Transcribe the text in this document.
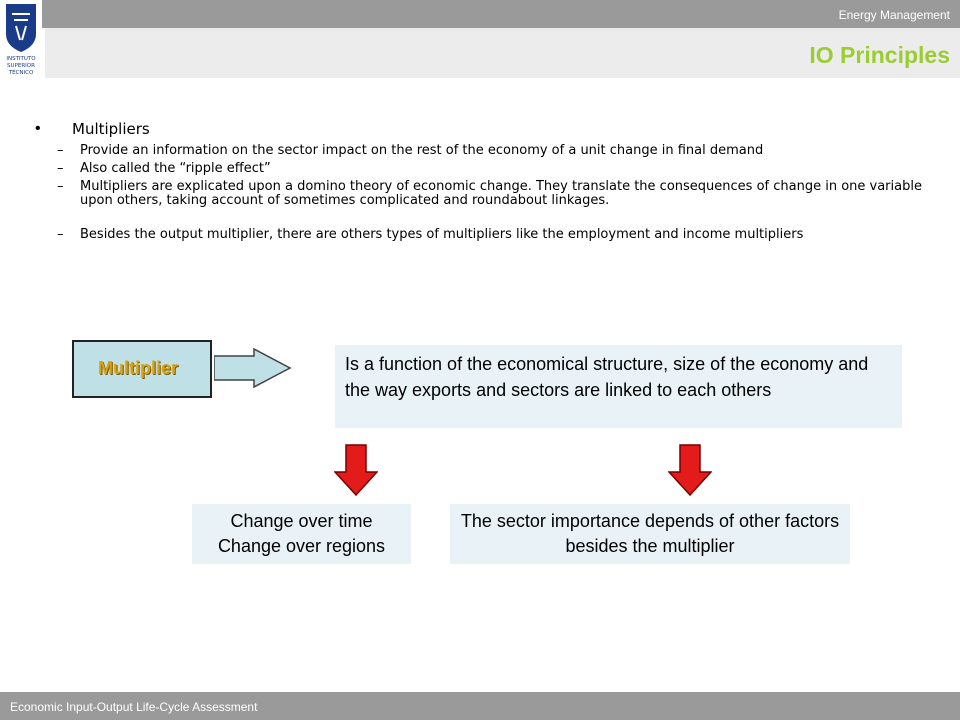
Energy Management
IO Principles
INSTITUTO
SUPERIOR
TÉCNICO
•	Multipliers
–	Provide an information on the sector impact on the rest of the economy of a unit change in final demand
–	Also called the “ripple effect”
–	Multipliers are explicated upon a domino theory of economic change. They translate the consequences of change in one variable upon others, taking account of sometimes complicated and roundabout linkages.
–	Besides the output multiplier, there are others types of multipliers like the employment and income multipliers
Multiplier	Is a function of the economical structure, size of the economy and the way exports and sectors are linked to each others
Change over time
Change over regions
The sector importance depends of other factors besides the multiplier
Economic Input-Output Life-Cycle Assessment
